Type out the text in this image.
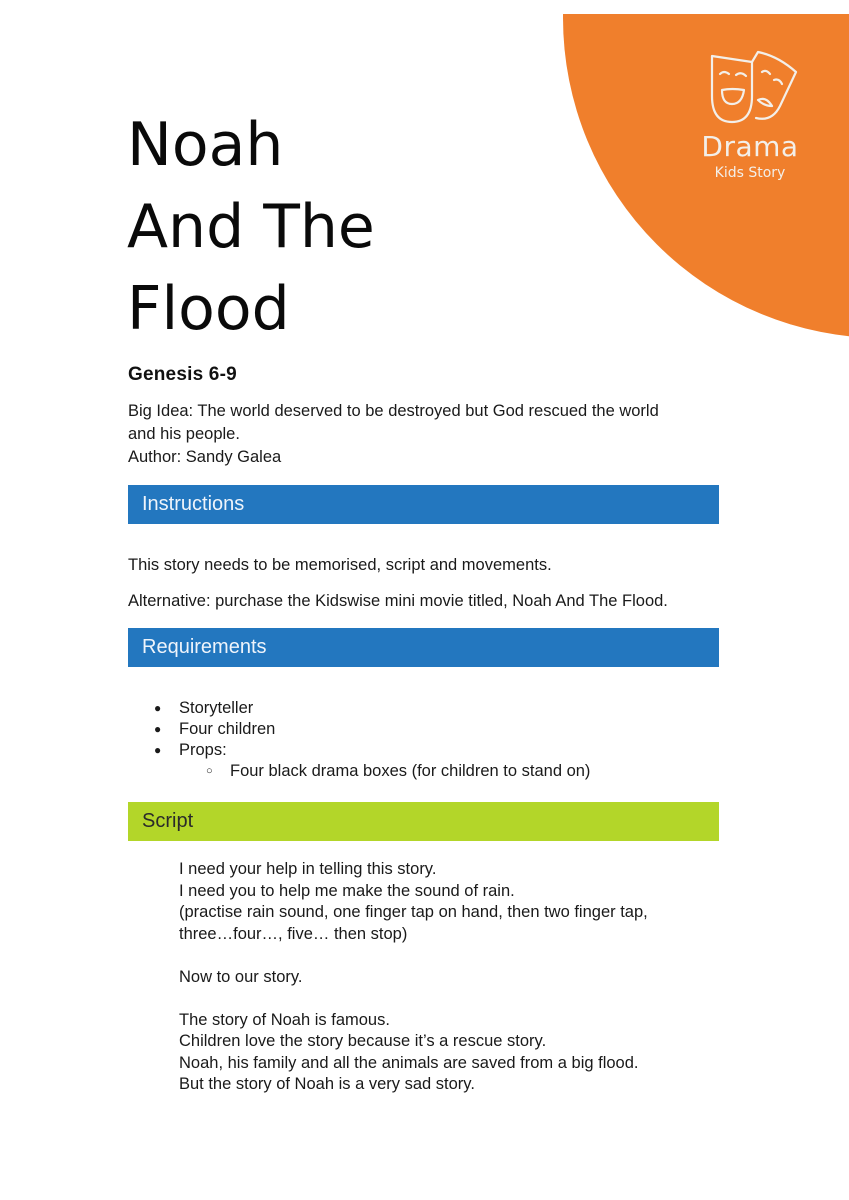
Drama
Kids Story
Noah
And The
Flood
Genesis 6-9

Big Idea: The world deserved to be destroyed but God rescued the world

and his people.

Author: Sandy Galea

Instructions

This story needs to be memorised, script and movements.

Alternative: purchase the Kidswise mini movie titled, Noah And The Flood.

Requirements
● Storyteller
● Four children
● Props:
○ Four black drama boxes (for children to stand on)
Script
I need your help in telling this story.
I need you to help me make the sound of rain.
(practise rain sound, one finger tap on hand, then two finger tap,
three…four…, five… then stop)
Now to our story.
The story of Noah is famous.
Children love the story because it’s a rescue story.
Noah, his family and all the animals are saved from a big flood.
But the story of Noah is a very sad story.
